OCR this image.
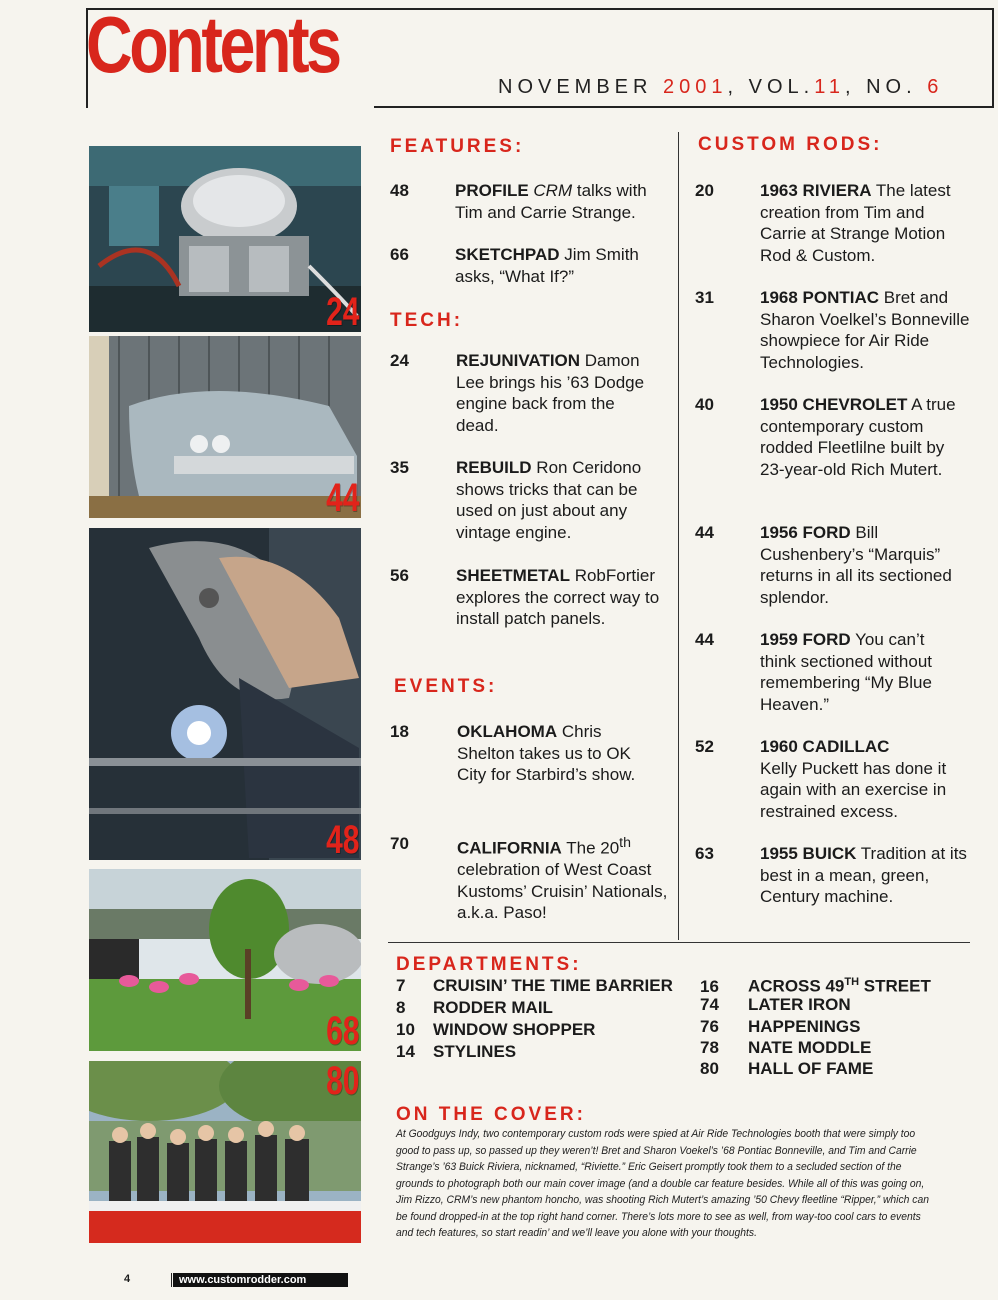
Contents	NOVEMBER 2001, VOL.11, NO. 6
24
44
48
68
80
FEATURES:
48	PROFILE CRM talks with Tim and Carrie Strange.
66	SKETCHPAD Jim Smith asks, “What If?”
TECH:
24	REJUNIVATION Damon Lee brings his ’63 Dodge engine back from the dead.
35	REBUILD Ron Ceridono shows tricks that can be used on just about any vintage engine.
56	SHEETMETAL RobFortier explores the correct way to install patch panels.
EVENTS:
18	OKLAHOMA Chris Shelton takes us to OK City for Starbird’s show.
70	CALIFORNIA The 20th celebration of West Coast Kustoms’ Cruisin’ Nationals, a.k.a. Paso!
CUSTOM RODS:
20	1963 RIVIERA The latest creation from Tim and Carrie at Strange Motion Rod & Custom.
31	1968 PONTIAC Bret and Sharon Voelkel’s Bonneville showpiece for Air Ride Technologies.
40	1950 CHEVROLET A true contemporary custom rodded Fleetlilne built by 23-year-old Rich Mutert.
44	1956 FORD Bill Cushenbery’s “Marquis” returns in all its sectioned splendor.
44	1959 FORD You can’t think sectioned without remembering “My Blue Heaven.”
52	1960 CADILLAC
Kelly Puckett has done it again with an exercise in restrained excess.
63	1955 BUICK Tradition at its best in a mean, green, Century machine.
DEPARTMENTS:
7 CRUISIN’ THE TIME BARRIER
8 RODDER MAIL
10 WINDOW SHOPPER
14 STYLINES
16 ACROSS 49TH STREET
74 LATER IRON
76 HAPPENINGS
78 NATE MODDLE
80 HALL OF FAME
ON THE COVER:
At Goodguys Indy, two contemporary custom rods were spied at Air Ride Technologies booth that were simply too good to pass up, so passed up they weren’t! Bret and Sharon Voekel’s ’68 Pontiac Bonneville, and Tim and Carrie Strange’s ’63 Buick Riviera, nicknamed, “Riviette.” Eric Geisert promptly took them to a secluded section of the grounds to photograph both our main cover image (and a double car feature besides. While all of this was going on, Jim Rizzo, CRM’s new phantom honcho, was shooting Rich Mutert’s amazing ’50 Chevy fleetline “Ripper,” which can be found dropped-in at the top right hand corner. There’s lots more to see as well, from way-too cool cars to events and tech features, so start readin’ and we’ll leave you alone with your thoughts.
4	www.customrodder.com
